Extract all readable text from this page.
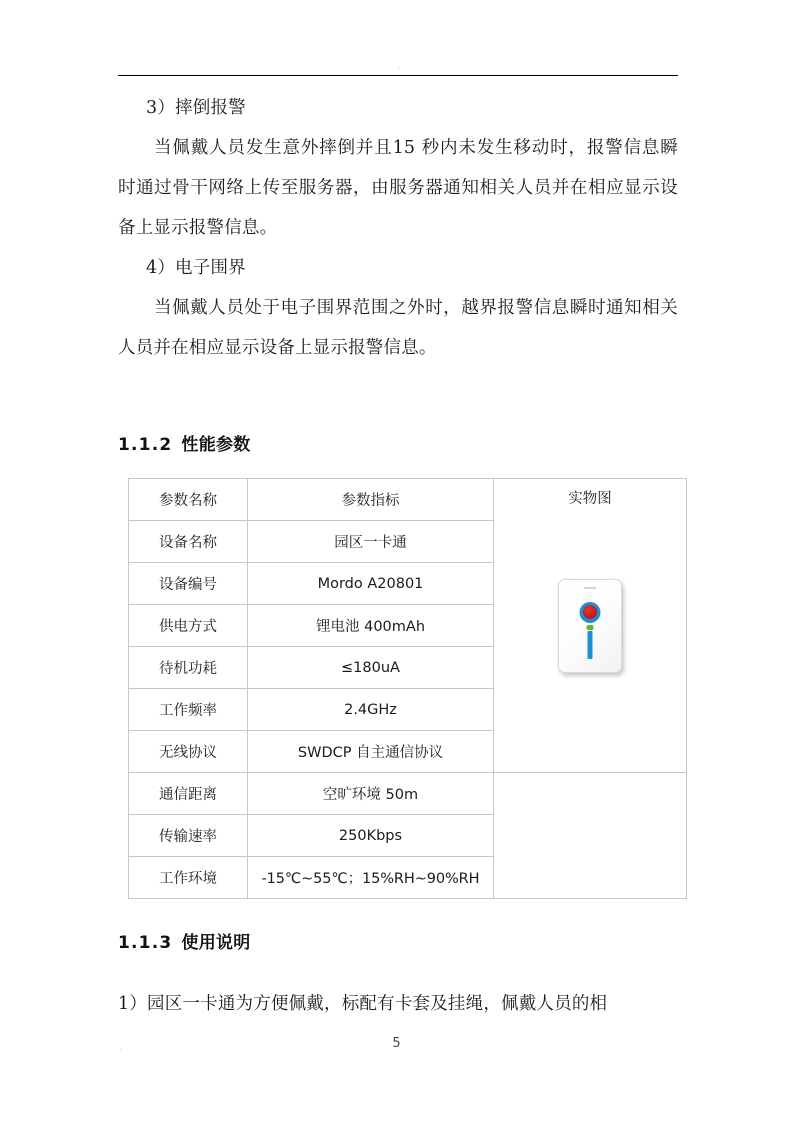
.

3）摔倒报警

当佩戴人员发生意外摔倒并且15 秒内未发生移动时，报警信息瞬时通过骨干网络上传至服务器，由服务器通知相关人员并在相应显示设备上显示报警信息。

4）电子围界

当佩戴人员处于电子围界范围之外时，越界报警信息瞬时通知相关人员并在相应显示设备上显示报警信息。

1.1.2 性能参数
参数名称	参数指标	实物图

设备名称	园区一卡通	
设备编号	Mordo A20801	
供电方式	锂电池 400mAh	
待机功耗	≤180uA	
工作频率	2.4GHz	
无线协议	SWDCP 自主通信协议	
通信距离	空旷环境 50m	
传输速率	250Kbps	
工作环境	-15℃~55℃；15%RH~90%RH	
1.1.3 使用说明

1）园区一卡通为方便佩戴，标配有卡套及挂绳，佩戴人员的相

.	5
